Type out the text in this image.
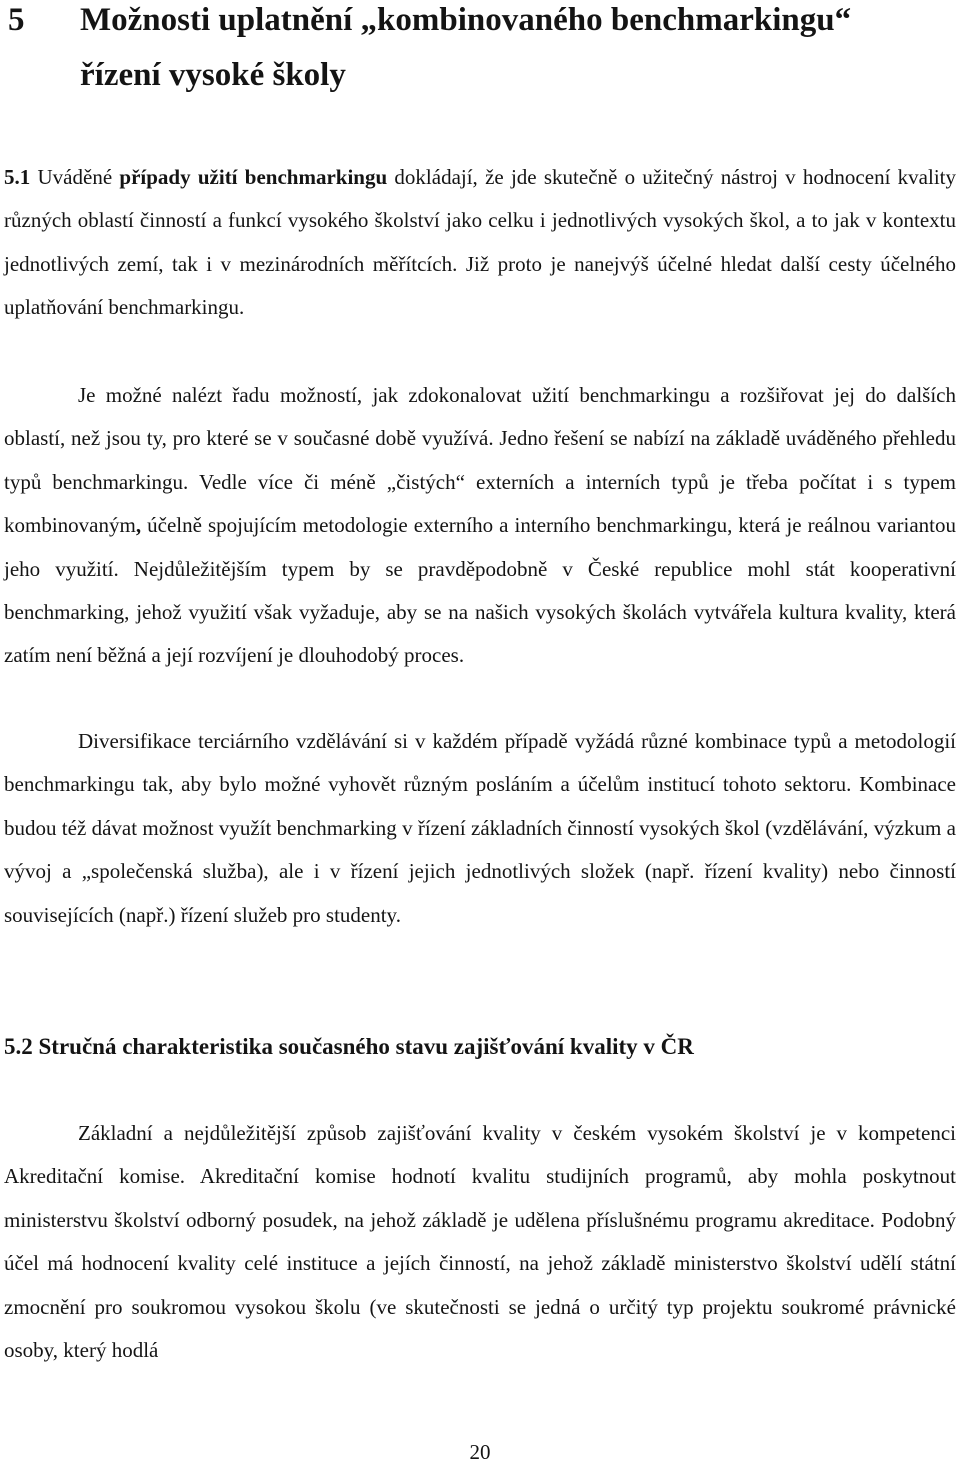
5 Možnosti uplatnění „kombinovaného benchmarkingu“
řízení vysoké školy

5.1 Uváděné případy užití benchmarkingu dokládají, že jde skutečně o užitečný nástroj v hodnocení kvality různých oblastí činností a funkcí vysokého školství jako celku i jednotlivých vysokých škol, a to jak v kontextu jednotlivých zemí, tak i v mezinárodních měřítcích. Již proto je nanejvýš účelné hledat další cesty účelného uplatňování benchmarkingu.

Je možné nalézt řadu možností, jak zdokonalovat užití benchmarkingu a rozšiřovat jej do dalších oblastí, než jsou ty, pro které se v současné době využívá. Jedno řešení se nabízí na základě uváděného přehledu typů benchmarkingu. Vedle více či méně „čistých“ externích a interních typů je třeba počítat i s typem kombinovaným, účelně spojujícím metodologie externího a interního benchmarkingu, která je reálnou variantou jeho využití. Nejdůležitějším typem by se pravděpodobně v České republice mohl stát kooperativní benchmarking, jehož využití však vyžaduje, aby se na našich vysokých školách vytvářela kultura kvality, která zatím není běžná a její rozvíjení je dlouhodobý proces.

Diversifikace terciárního vzdělávání si v každém případě vyžádá různé kombinace typů a metodologií benchmarkingu tak, aby bylo možné vyhovět různým posláním a účelům institucí tohoto sektoru. Kombinace budou též dávat možnost využít benchmarking v řízení základních činností vysokých škol (vzdělávání, výzkum a vývoj a „společenská služba), ale i v řízení jejich jednotlivých složek (např. řízení kvality) nebo činností souvisejících (např.) řízení služeb pro studenty.

5.2 Stručná charakteristika současného stavu zajišťování kvality v ČR

Základní a nejdůležitější způsob zajišťování kvality v českém vysokém školství je v kompetenci Akreditační komise. Akreditační komise hodnotí kvalitu studijních programů, aby mohla poskytnout ministerstvu školství odborný posudek, na jehož základě je udělena příslušnému programu akreditace. Podobný účel má hodnocení kvality celé instituce a jejích činností, na jehož základě ministerstvo školství udělí státní zmocnění pro soukromou vysokou školu (ve skutečnosti se jedná o určitý typ projektu soukromé právnické osoby, který hodlá

20
